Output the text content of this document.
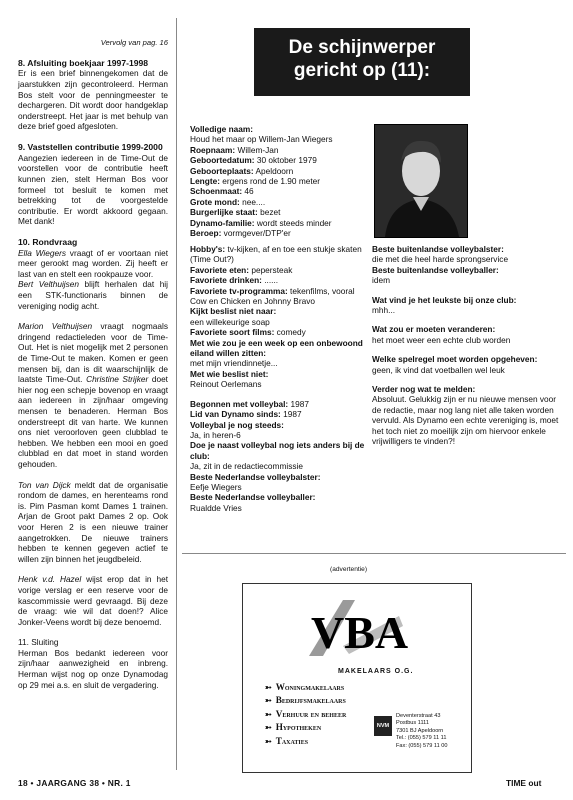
Vervolg van pag. 16
8. Afsluiting boekjaar 1997-1998

Er is een brief binnengekomen dat de jaarstukken zijn gecontroleerd. Herman Bos stelt voor de penningmeester te dechargeren. Dit wordt door handgeklap onderstreept. Het jaar is met behulp van deze brief goed afgesloten.

9. Vaststellen contributie 1999-2000

Aangezien iedereen in de Time-Out de voorstellen voor de contributie heeft kunnen zien, stelt Herman Bos voor formeel tot besluit te komen met betrekking tot de voorgestelde contributie. Er wordt akkoord gegaan. Met dank!

10. Rondvraag

Ella Wiegers vraagt of er voortaan niet meer gerookt mag worden. Zij heeft er last van en stelt een rookpauze voor.
Bert Velthuijsen blijft herhalen dat hij een STK-functionaris binnen de vereniging nodig acht.

Marion Velthuijsen vraagt nogmaals dringend redactieleden voor de Time-Out. Het is niet mogelijk met 2 personen de Time-Out te maken. Komen er geen mensen bij, dan is dit waarschijnlijk de laatste Time-Out. Christine Strijker doet hier nog een schepje bovenop en vraagt aan iedereen in zijn/haar omgeving mensen te benaderen. Herman Bos onderstreept dit van harte. We kunnen ons niet veroorloven geen clubblad te hebben. We hebben een mooi en goed clubblad en dat moet in stand worden gehouden.

Ton van Dijck meldt dat de organisatie rondom de dames, en herenteams rond is. Pim Pasman komt Dames 1 trainen. Arjan de Groot pakt Dames 2 op. Ook voor Heren 2 is een nieuwe trainer aangetrokken. De nieuwe trainers hebben te kennen gegeven actief te willen zijn binnen het jeugdbeleid.

Henk v.d. Hazel wijst erop dat in het vorige verslag er een reserve voor de kascommissie werd gevraagd. Bij deze de vraag: wie wil dat doen!? Alice Jonker-Veens wordt bij deze benoemd.

11. Sluiting

Herman Bos bedankt iedereen voor zijn/haar aanwezigheid en inbreng. Herman wijst nog op onze Dynamodag op 29 mei a.s. en sluit de vergadering.

De schijnwerper
gericht op (11):
Volledige naam:
Houd het maar op Willem-Jan Wiegers
Roepnaam: Willem-Jan
Geboortedatum: 30 oktober 1979
Geboorteplaats: Apeldoorn
Lengte: ergens rond de 1.90 meter
Schoenmaat: 46
Grote mond: nee....
Burgerlijke staat: bezet
Dynamo-familie: wordt steeds minder
Beroep: vormgever/DTP'er
Hobby's: tv-kijken, af en toe een stukje skaten (Time Out?)
Favoriete eten: pepersteak
Favoriete drinken: ......
Favoriete tv-programma: tekenfilms, vooral Cow en Chicken en Johnny Bravo
Kijkt beslist niet naar:
een willekeurige soap
Favoriete soort films: comedy
Met wie zou je een week op een onbewoond eiland willen zitten:
met mijn vriendinnetje...
Met wie beslist niet:
Reinout Oerlemans
Begonnen met volleybal: 1987
Lid van Dynamo sinds: 1987
Volleybal je nog steeds:
Ja, in heren-6
Doe je naast volleybal nog iets anders bij de club:
Ja, zit in de redactiecommissie
Beste Nederlandse volleybalster:
Eefje Wiegers
Beste Nederlandse volleyballer:
Rualdde Vries
Beste buitenlandse volleybalster:
die met die heel harde sprongservice
Beste buitenlandse volleyballer:
idem
Wat vind je het leukste bij onze club:
mhh...
Wat zou er moeten veranderen:
het moet weer een echte club worden
Welke spelregel moet worden opgeheven:
geen, ik vind dat voetballen wel leuk
Verder nog wat te melden:
Absoluut. Gelukkig zijn er nu nieuwe mensen voor de redactie, maar nog lang niet alle taken worden vervuld. Als Dynamo een echte vereniging is, moet het toch niet zo moeilijk zijn om hiervoor enkele vrijwilligers te vinden?!
(advertentie)
VBA
MAKELAARS O.G.
➳ Woningmakelaars
➳ Bedrijfsmakelaars
➳ Verhuur en beheer
➳ Hypotheken
➳ Taxaties
NVM
Deventerstraat 43
Postbus 1111
7301 BJ Apeldoorn
Tel.: (055) 579 11 11
Fax: (055) 579 11 00
18 • JAARGANG 38 • NR. 1	TIME out
